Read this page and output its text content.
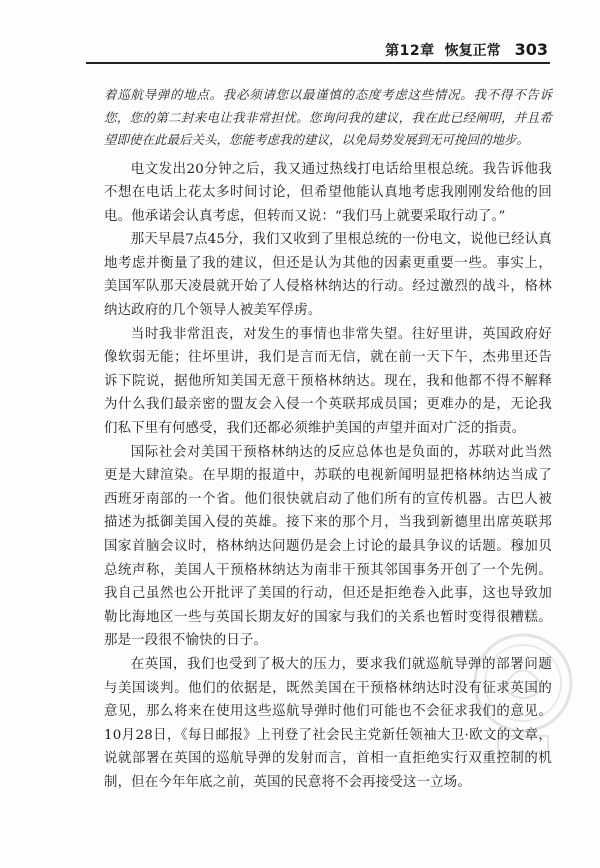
第12章 恢复正常 303

着巡航导弹的地点。我必须请您以最谨慎的态度考虑这些情况。我不得不告诉您，您的第二封来电让我非常担忧。您询问我的建议，我在此已经阐明，并且希望即使在此最后关头，您能考虑我的建议，以免局势发展到无可挽回的地步。

电文发出20分钟之后，我又通过热线打电话给里根总统。我告诉他我不想在电话上花太多时间讨论，但希望他能认真地考虑我刚刚发给他的回电。他承诺会认真考虑，但转而又说：“我们马上就要采取行动了。”

那天早晨7点45分，我们又收到了里根总统的一份电文，说他已经认真地考虑并衡量了我的建议，但还是认为其他的因素更重要一些。事实上，美国军队那天凌晨就开始了人侵格林纳达的行动。经过激烈的战斗，格林纳达政府的几个领导人被美军俘虏。

当时我非常沮丧，对发生的事情也非常失望。往好里讲，英国政府好像软弱无能；往坏里讲，我们是言而无信，就在前一天下午，杰弗里还告诉下院说，据他所知美国无意干预格林纳达。现在，我和他都不得不解释为什么我们最亲密的盟友会入侵一个英联邦成员国；更难办的是，无论我们私下里有何感受，我们还都必须维护美国的声望并面对广泛的指责。

国际社会对美国干预格林纳达的反应总体也是负面的，苏联对此当然更是大肆渲染。在早期的报道中，苏联的电视新闻明显把格林纳达当成了西班牙南部的一个省。他们很快就启动了他们所有的宣传机器。古巴人被描述为抵御美国入侵的英雄。接下来的那个月，当我到新德里出席英联邦国家首脑会议时，格林纳达问题仍是会上讨论的最具争议的话题。穆加贝总统声称，美国人干预格林纳达为南非干预其邻国事务开创了一个先例。我自己虽然也公开批评了美国的行动，但还是拒绝卷入此事，这也导致加勒比海地区一些与英国长期友好的国家与我们的关系也暂时变得很糟糕。那是一段很不愉快的日子。

在英国，我们也受到了极大的压力，要求我们就巡航导弹的部署问题与美国谈判。他们的依据是，既然美国在干预格林纳达时没有征求英国的意见，那么将来在使用这些巡航导弹时他们可能也不会征求我们的意见。10月28日，《每日邮报》上刊登了社会民主党新任领袖大卫·欧文的文章，说就部署在英国的巡航导弹的发射而言，首相一直拒绝实行双重控制的机制，但在今年年底之前，英国的民意将不会再接受这一立场。
